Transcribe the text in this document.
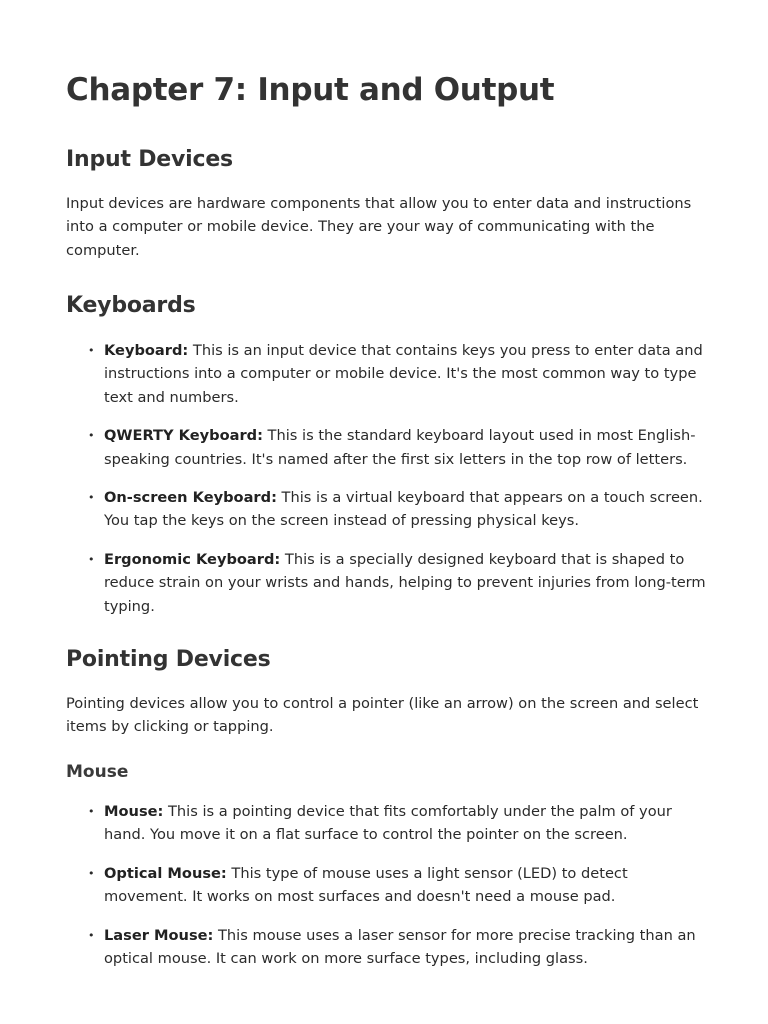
Chapter 7: Input and Output
Input Devices

Input devices are hardware components that allow you to enter data and instructions into a computer or mobile device. They are your way of communicating with the computer.

Keyboards
• Keyboard: This is an input device that contains keys you press to enter data and instructions into a computer or mobile device. It's the most common way to type text and numbers.
• QWERTY Keyboard: This is the standard keyboard layout used in most English-speaking countries. It's named after the first six letters in the top row of letters.
• On-screen Keyboard: This is a virtual keyboard that appears on a touch screen. You tap the keys on the screen instead of pressing physical keys.
• Ergonomic Keyboard: This is a specially designed keyboard that is shaped to reduce strain on your wrists and hands, helping to prevent injuries from long-term typing.
Pointing Devices

Pointing devices allow you to control a pointer (like an arrow) on the screen and select items by clicking or tapping.

Mouse
• Mouse: This is a pointing device that fits comfortably under the palm of your hand. You move it on a flat surface to control the pointer on the screen.
• Optical Mouse: This type of mouse uses a light sensor (LED) to detect movement. It works on most surfaces and doesn't need a mouse pad.
• Laser Mouse: This mouse uses a laser sensor for more precise tracking than an optical mouse. It can work on more surface types, including glass.
